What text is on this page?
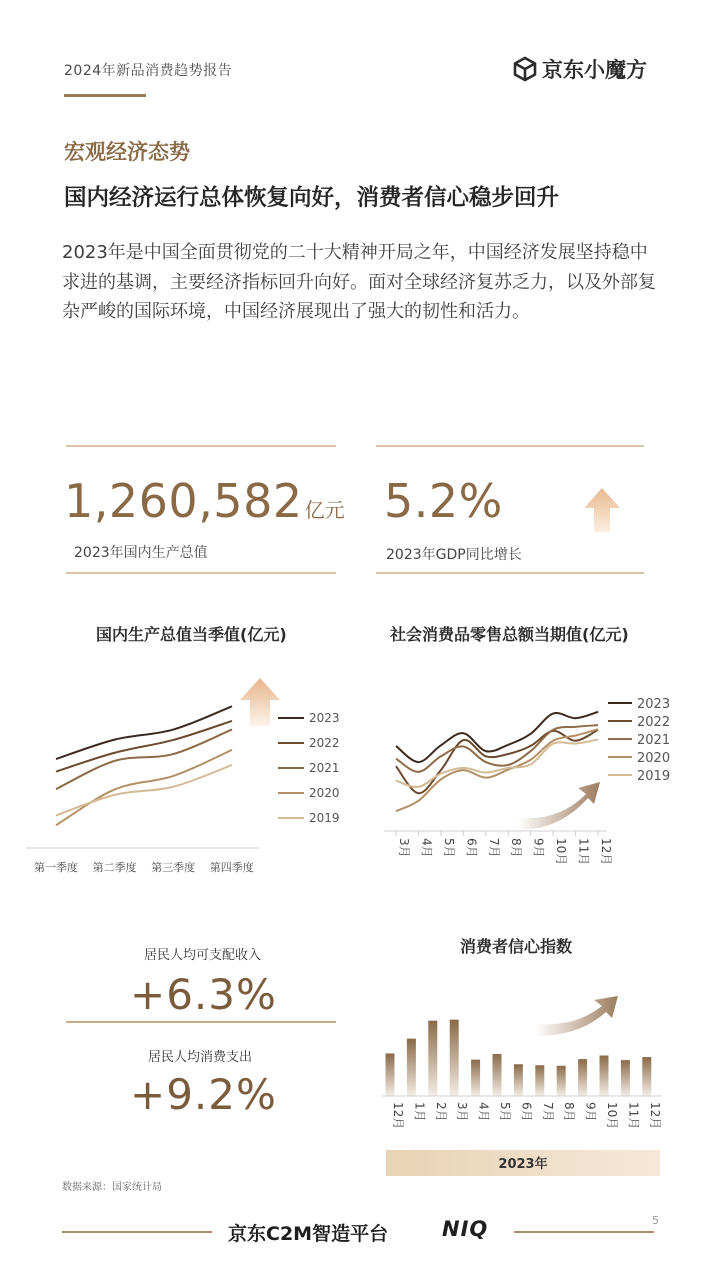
2024年新品消费趋势报告	京东小魔方
宏观经济态势
国内经济运行总体恢复向好，消费者信心稳步回升
2023年是中国全面贯彻党的二十大精神开局之年，中国经济发展坚持稳中求进的基调，主要经济指标回升向好。面对全球经济复苏乏力，以及外部复杂严峻的国际环境，中国经济展现出了强大的韧性和活力。
1,260,582 亿元
2023年国内生产总值
5.2%
2023年GDP同比增长
国内生产总值当季值(亿元)	社会消费品零售总额当期值(亿元)
第一季度 第二季度 第三季度 第四季度
2023
2022
2021
2020
2019
3月 4月 5月 6月 7月 8月 9月 10月 11月 12月
2023
2022
2021
2020
2019
居民人均可支配收入
+6.3%
居民人均消费支出
+9.2%
消费者信心指数
12月 1月 2月 3月 4月 5月 6月 7月 8月 9月 10月 11月 12月
2023年
数据来源：国家统计局
5
京东C2M智造平台	NIQ
